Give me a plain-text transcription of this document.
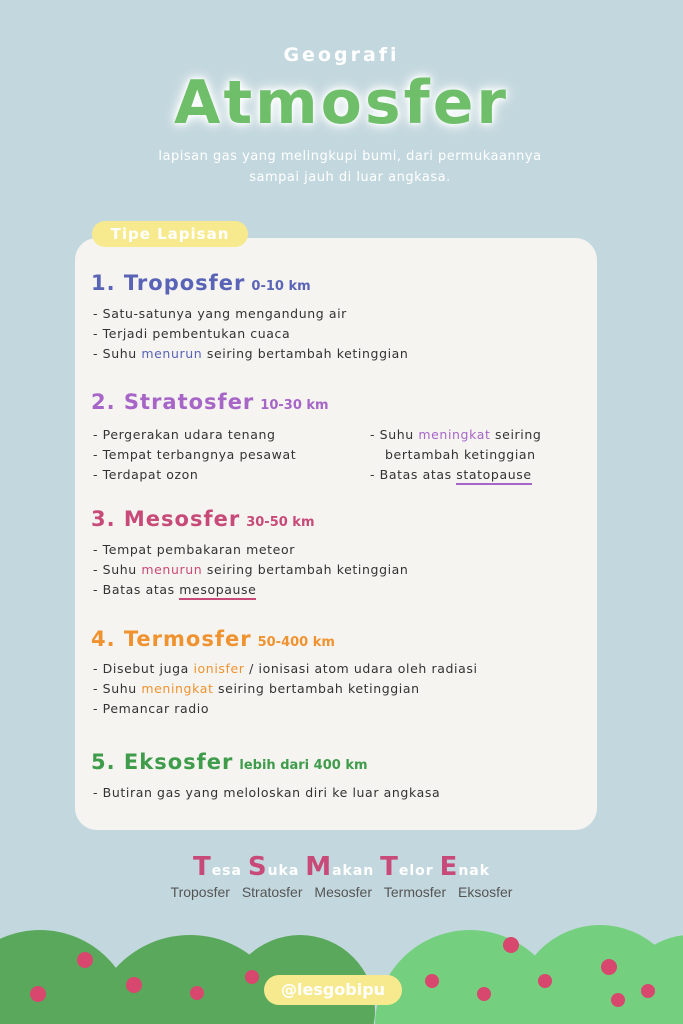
Geografi
Atmosfer
lapisan gas yang melingkupi bumi, dari permukaannya sampai jauh di luar angkasa.
Tipe Lapisan
1. Troposfer 0-10 km
- Satu-satunya yang mengandung air
- Terjadi pembentukan cuaca
- Suhu menurun seiring bertambah ketinggian
2. Stratosfer 10-30 km
- Pergerakan udara tenang
- Tempat terbangnya pesawat
- Terdapat ozon
- Suhu meningkat seiring
bertambah ketinggian
- Batas atas statopause
3. Mesosfer 30-50 km
- Tempat pembakaran meteor
- Suhu menurun seiring bertambah ketinggian
- Batas atas mesopause
4. Termosfer 50-400 km
- Disebut juga ionisfer / ionisasi atom udara oleh radiasi
- Suhu meningkat seiring bertambah ketinggian
- Pemancar radio
5. Eksosfer lebih dari 400 km
- Butiran gas yang meloloskan diri ke luar angkasa
Tesa Suka Makan Telor Enak
Troposfer Stratosfer Mesosfer Termosfer Eksosfer
@lesgobipu
